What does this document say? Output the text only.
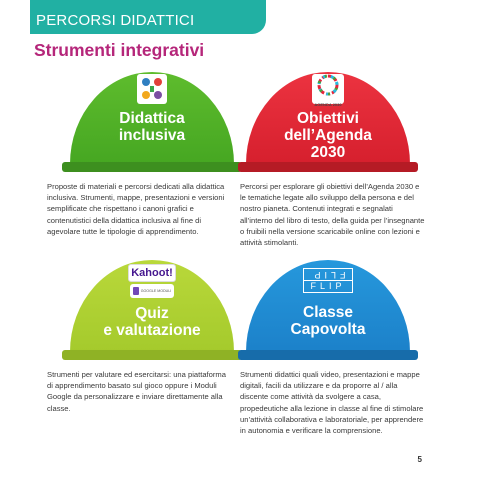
PERCORSI DIDATTICI
Strumenti integrativi
Didattica
inclusiva
AGENDA 2030
Obiettivi
dell’Agenda
2030
Kahoot!
GOOGLE MODULI
Quiz
e valutazione
FLIP
FLIP
Classe
Capovolta
Proposte di materiali e percorsi dedicati alla didattica inclusiva. Strumenti, mappe, presentazioni e versioni semplificate che rispettano i canoni grafici e contenutistici della didattica inclusiva al fine di agevolare tutte le tipologie di apprendimento.
Percorsi per esplorare gli obiettivi dell’Agenda 2030 e le tematiche legate allo sviluppo della persona e del nostro pianeta. Contenuti integrati e segnalati all’interno del libro di testo, della guida per l’insegnante o fruibili nella versione scaricabile online con lezioni e attività stimolanti.
Strumenti per valutare ed esercitarsi: una piattaforma di apprendimento basato sul gioco oppure i Moduli Google da personalizzare e inviare direttamente alla classe.
Strumenti didattici quali video, presentazioni e mappe digitali, facili da utilizzare e da proporre al / alla discente come attività da svolgere a casa, propedeutiche alla lezione in classe al fine di stimolare un’attività collaborativa e laboratoriale, per apprendere in autonomia e verificare la comprensione.
5
